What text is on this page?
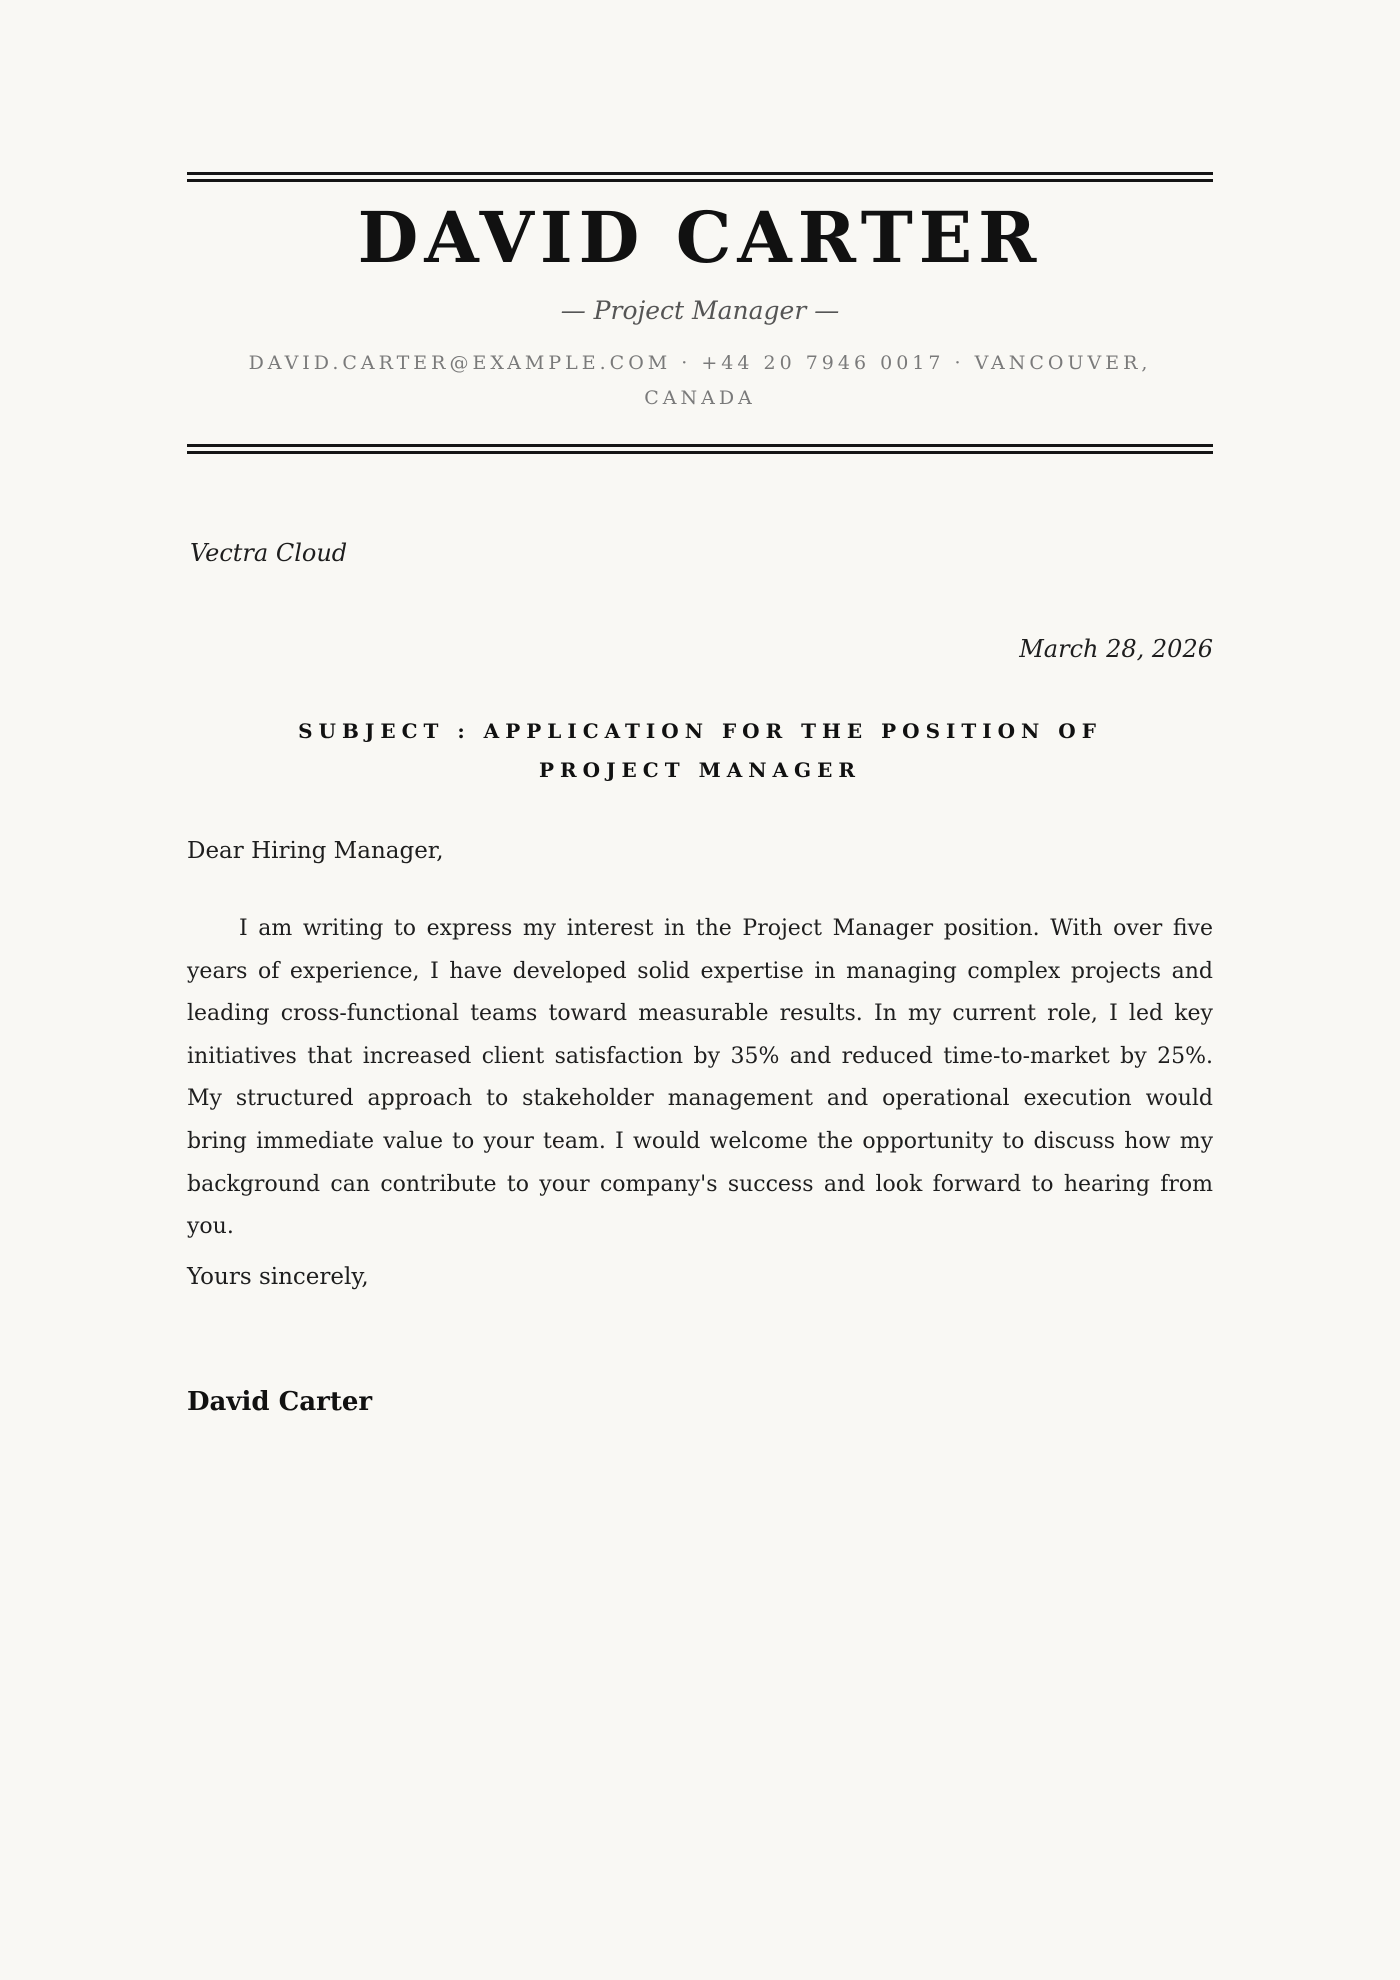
DAVID CARTER
— Project Manager —
DAVID.CARTER@EXAMPLE.COM · +44 20 7946 0017 · VANCOUVER, CANADA
Vectra Cloud
March 28, 2026
SUBJECT : APPLICATION FOR THE POSITION OF PROJECT MANAGER
Dear Hiring Manager,

I am writing to express my interest in the Project Manager position. With over five years of experience, I have developed solid expertise in managing complex projects and leading cross-functional teams toward measurable results. In my current role, I led key initiatives that increased client satisfaction by 35% and reduced time-to-market by 25%. My structured approach to stakeholder management and operational execution would bring immediate value to your team. I would welcome the opportunity to discuss how my background can contribute to your company's success and look forward to hearing from you.

Yours sincerely,
David Carter
